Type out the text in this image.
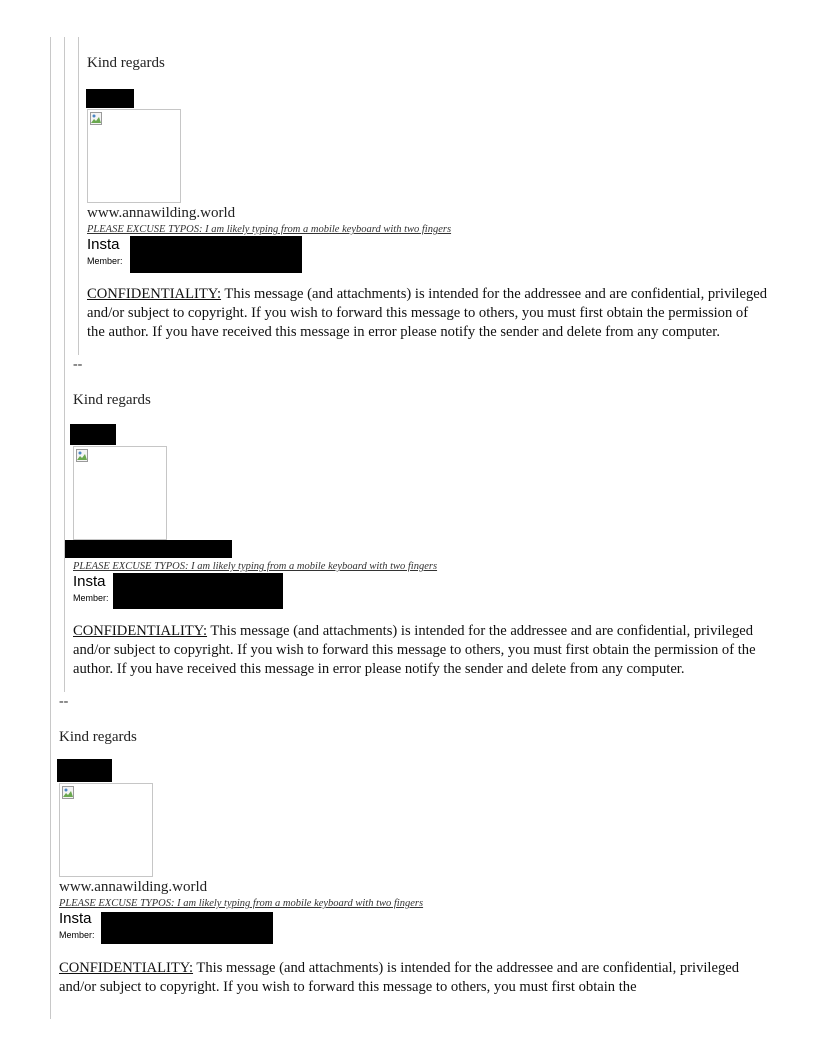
Kind regards
www.annawilding.world
PLEASE EXCUSE TYPOS: I am likely typing from a mobile keyboard with two fingers
Insta
Member:
CONFIDENTIALITY: This message (and attachments) is intended for the addressee and are confidential, privileged and/or subject to copyright. If you wish to forward this message to others, you must first obtain the permission of the author. If you have received this message in error please notify the sender and delete from any computer.
--
Kind regards
PLEASE EXCUSE TYPOS: I am likely typing from a mobile keyboard with two fingers
Insta
Member:
CONFIDENTIALITY: This message (and attachments) is intended for the addressee and are confidential, privileged and/or subject to copyright. If you wish to forward this message to others, you must first obtain the permission of the author. If you have received this message in error please notify the sender and delete from any computer.
--
Kind regards
www.annawilding.world
PLEASE EXCUSE TYPOS: I am likely typing from a mobile keyboard with two fingers
Insta
Member:
CONFIDENTIALITY: This message (and attachments) is intended for the addressee and are confidential, privileged and/or subject to copyright. If you wish to forward this message to others, you must first obtain the
